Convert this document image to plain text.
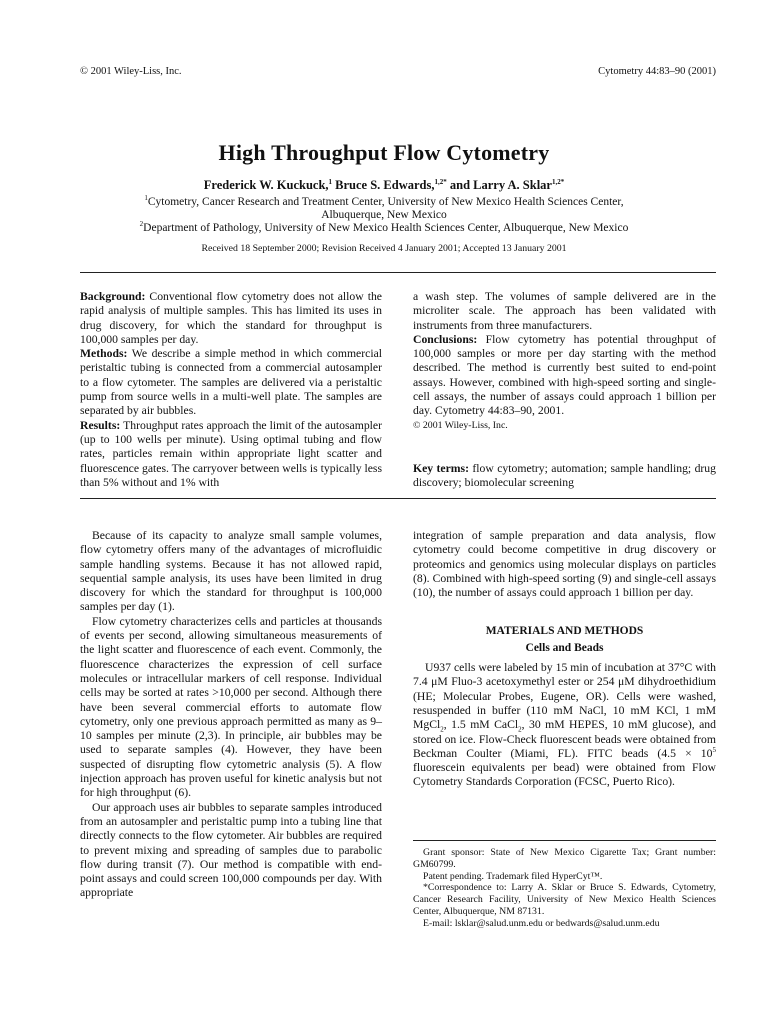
© 2001 Wiley-Liss, Inc.	Cytometry 44:83–90 (2001)
High Throughput Flow Cytometry
Frederick W. Kuckuck,$^1$ Bruce S. Edwards,$^{1,2*}$ and Larry A. Sklar$^{1,2*}$
$^1$Cytometry, Cancer Research and Treatment Center, University of New Mexico Health Sciences Center,
Albuquerque, New Mexico
$^2$Department of Pathology, University of New Mexico Health Sciences Center, Albuquerque, New Mexico
Received 18 September 2000; Revision Received 4 January 2001; Accepted 13 January 2001

Background: Conventional flow cytometry does not allow the rapid analysis of multiple samples. This has limited its uses in drug discovery, for which the standard for throughput is 100,000 samples per day.

Methods: We describe a simple method in which commercial peristaltic tubing is connected from a commercial autosampler to a flow cytometer. The samples are delivered via a peristaltic pump from source wells in a multi-well plate. The samples are separated by air bubbles.

Results: Throughput rates approach the limit of the autosampler (up to 100 wells per minute). Using optimal tubing and flow rates, particles remain within appropriate light scatter and fluorescence gates. The carryover between wells is typically less than 5% without and 1% with

a wash step. The volumes of sample delivered are in the microliter scale. The approach has been validated with instruments from three manufacturers.

Conclusions: Flow cytometry has potential throughput of 100,000 samples or more per day starting with the method described. The method is currently best suited to end-point assays. However, combined with high-speed sorting and single- cell assays, the number of assays could approach 1 billion per day. Cytometry 44:83–90, 2001.

© 2001 Wiley-Liss, Inc.

Key terms: flow cytometry; automation; sample handling; drug discovery; biomolecular screening

Because of its capacity to analyze small sample volumes, flow cytometry offers many of the advantages of microfluidic sample handling systems. Because it has not allowed rapid, sequential sample analysis, its uses have been limited in drug discovery for which the standard for throughput is 100,000 samples per day (1).

Flow cytometry characterizes cells and particles at thousands of events per second, allowing simultaneous measurements of the light scatter and fluorescence of each event. Commonly, the fluorescence characterizes the expression of cell surface molecules or intracellular markers of cell response. Individual cells may be sorted at rates >10,000 per second. Although there have been several commercial efforts to automate flow cytometry, only one previous approach permitted as many as 9–10 samples per minute (2,3). In principle, air bubbles may be used to separate samples (4). However, they have been suspected of disrupting flow cytometric analysis (5). A flow injection approach has proven useful for kinetic analysis but not for high throughput (6).

Our approach uses air bubbles to separate samples introduced from an autosampler and peristaltic pump into a tubing line that directly connects to the flow cytometer. Air bubbles are required to prevent mixing and spreading of samples due to parabolic flow during transit (7). Our method is compatible with end-point assays and could screen 100,000 compounds per day. With appropriate

integration of sample preparation and data analysis, flow cytometry could become competitive in drug discovery or proteomics and genomics using molecular displays on particles (8). Combined with high-speed sorting (9) and single-cell assays (10), the number of assays could approach 1 billion per day.

MATERIALS AND METHODS
Cells and Beads

U937 cells were labeled by 15 min of incubation at 37°C with 7.4 μM Fluo-3 acetoxymethyl ester or 254 μM dihydroethidium (HE; Molecular Probes, Eugene, OR). Cells were washed, resuspended in buffer (110 mM NaCl, 10 mM KCl, 1 mM MgCl$_2$, 1.5 mM CaCl$_2$, 30 mM HEPES, 10 mM glucose), and stored on ice. Flow-Check fluorescent beads were obtained from Beckman Coulter (Miami, FL). FITC beads ($4.5 \times 10^5$ fluorescein equivalents per bead) were obtained from Flow Cytometry Standards Corporation (FCSC, Puerto Rico).

Grant sponsor: State of New Mexico Cigarette Tax; Grant number: GM60799.

Patent pending. Trademark filed HyperCyt™.

*Correspondence to: Larry A. Sklar or Bruce S. Edwards, Cytometry, Cancer Research Facility, University of New Mexico Health Sciences Center, Albuquerque, NM 87131.

E-mail: lsklar@salud.unm.edu or bedwards@salud.unm.edu
